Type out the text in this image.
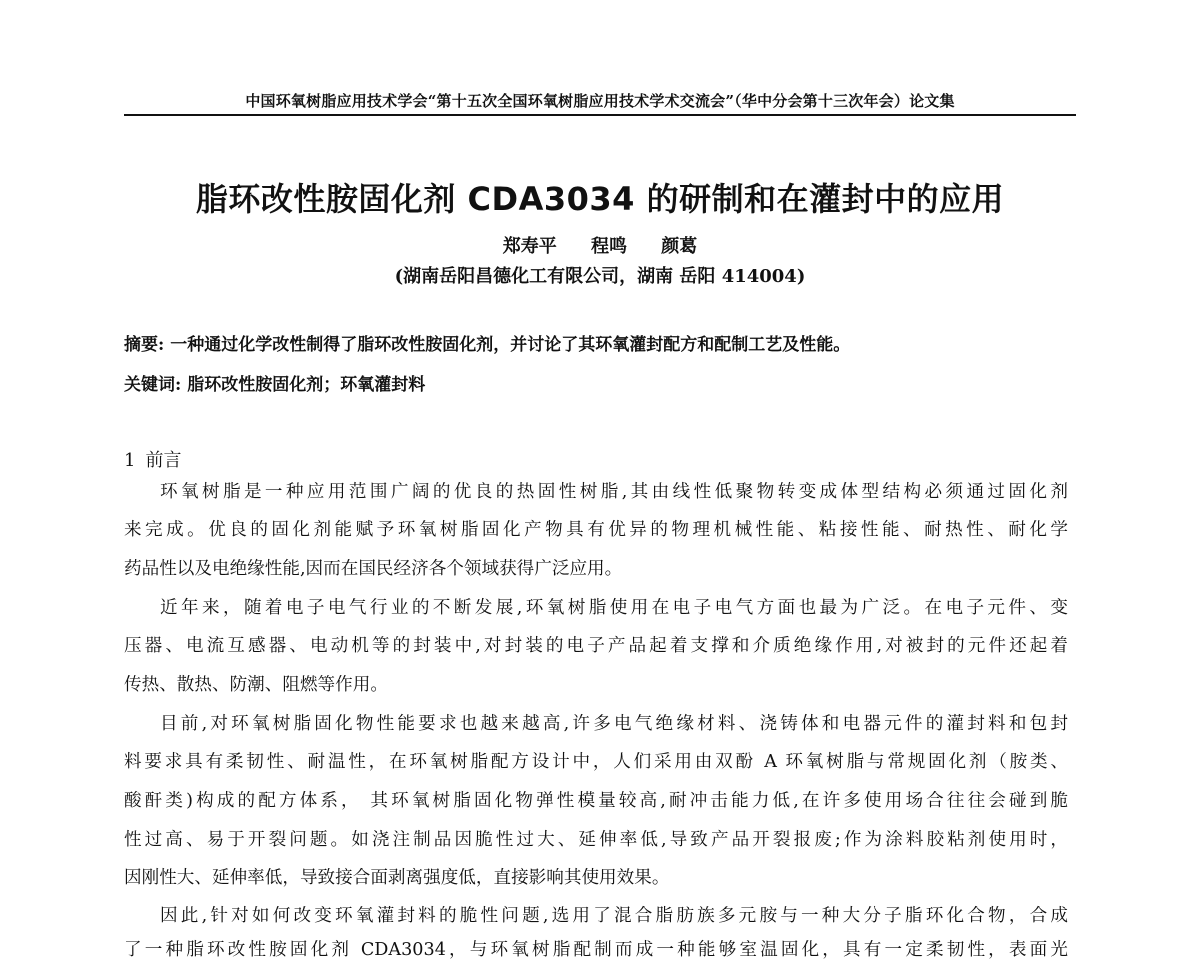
中国环氧树脂应用技术学会“第十五次全国环氧树脂应用技术学术交流会”（华中分会第十三次年会）论文集
脂环改性胺固化剂 CDA3034 的研制和在灌封中的应用
郑寿平 程鸣 颜葛
(湖南岳阳昌德化工有限公司，湖南 岳阳 414004)
摘要: 一种通过化学改性制得了脂环改性胺固化剂，并讨论了其环氧灌封配方和配制工艺及性能。
关键词: 脂环改性胺固化剂；环氧灌封料
1 前言
环氧树脂是一种应用范围广阔的优良的热固性树脂,其由线性低聚物转变成体型结构必须通过固化剂
来完成。优良的固化剂能赋予环氧树脂固化产物具有优异的物理机械性能、粘接性能、耐热性、耐化学
药品性以及电绝缘性能,因而在国民经济各个领域获得广泛应用。
近年来，随着电子电气行业的不断发展,环氧树脂使用在电子电气方面也最为广泛。在电子元件、变
压器、电流互感器、电动机等的封装中,对封装的电子产品起着支撑和介质绝缘作用,对被封的元件还起着
传热、散热、防潮、阻燃等作用。
目前,对环氧树脂固化物性能要求也越来越高,许多电气绝缘材料、浇铸体和电器元件的灌封料和包封
料要求具有柔韧性、耐温性，在环氧树脂配方设计中，人们采用由双酚 A 环氧树脂与常规固化剂（胺类、
酸酐类)构成的配方体系， 其环氧树脂固化物弹性模量较高,耐冲击能力低,在许多使用场合往往会碰到脆
性过高、易于开裂问题。如浇注制品因脆性过大、延伸率低,导致产品开裂报废;作为涂料胶粘剂使用时，
因刚性大、延伸率低，导致接合面剥离强度低，直接影响其使用效果。
因此,针对如何改变环氧灌封料的脆性问题,选用了混合脂肪族多元胺与一种大分子脂环化合物，合成
了一种脂环改性胺固化剂 CDA3034，与环氧树脂配制而成一种能够室温固化，具有一定柔韧性，表面光
